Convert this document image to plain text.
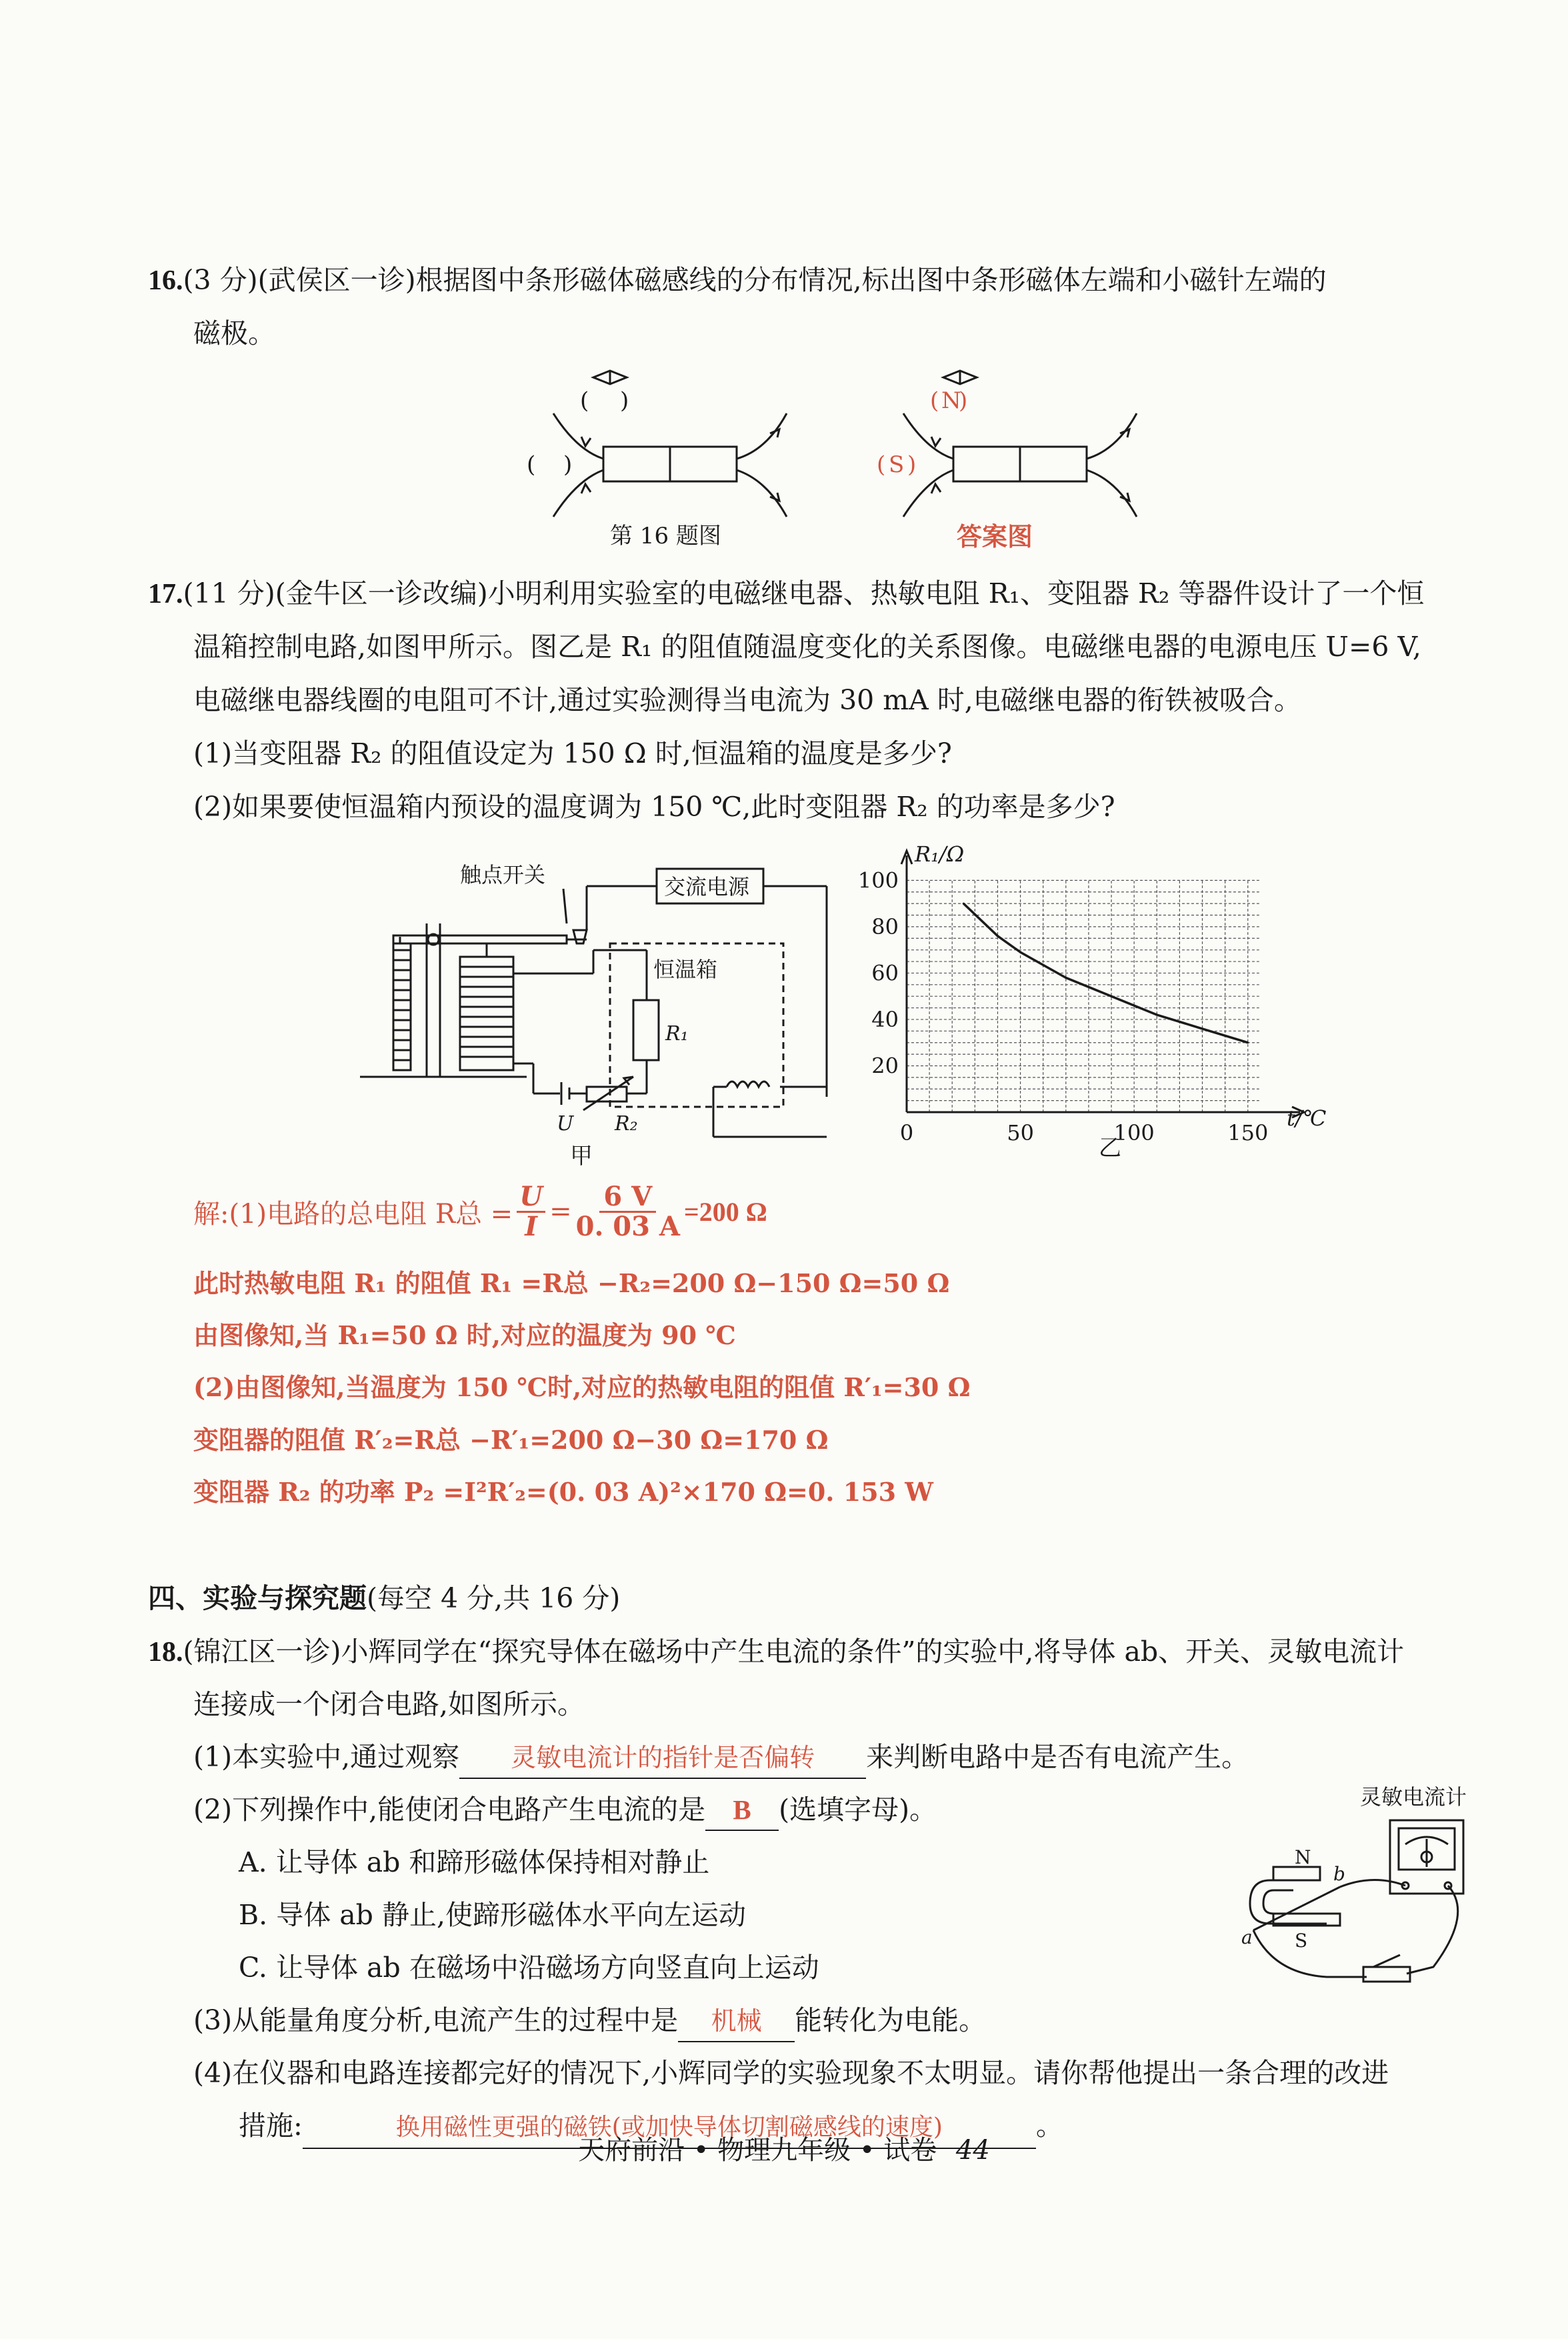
16.(3 分)(武侯区一诊)根据图中条形磁体磁感线的分布情况,标出图中条形磁体左端和小磁针左端的
磁极。
( )
( )
第 16 题图
( N
)
( S )
答案图
17.(11 分)(金牛区一诊改编)小明利用实验室的电磁继电器、热敏电阻 R₁、变阻器 R₂ 等器件设计了一个恒
温箱控制电路,如图甲所示。图乙是 R₁ 的阻值随温度变化的关系图像。电磁继电器的电源电压 U=6 V,
电磁继电器线圈的电阻可不计,通过实验测得当电流为 30 mA 时,电磁继电器的衔铁被吸合。
(1)当变阻器 R₂ 的阻值设定为 150 Ω 时,恒温箱的温度是多少?
(2)如果要使恒温箱内预设的温度调为 150 ℃,此时变阻器 R₂ 的功率是多少?
触点开关	交流电源
恒温箱
R₁
U R₂
甲
20
40
60
80
100
0	50	100	150
R₁/Ω
t/℃
乙
解:(1)电路的总电阻 R总 = $\frac{U}{I} = \frac{6 V}{0. 03 A} =200$ Ω
此时热敏电阻 R₁ 的阻值 R₁ =R总 −R₂=200 Ω−150 Ω=50 Ω
由图像知,当 R₁=50 Ω 时,对应的温度为 90 ℃
(2)由图像知,当温度为 150 ℃时,对应的热敏电阻的阻值 R′₁=30 Ω
变阻器的阻值 R′₂=R总 −R′₁=200 Ω−30 Ω=170 Ω
变阻器 R₂ 的功率 P₂ =I²R′₂=(0. 03 A)²×170 Ω=0. 153 W
四、实验与探究题(每空 4 分,共 16 分)
18.(锦江区一诊)小辉同学在“探究导体在磁场中产生电流的条件”的实验中,将导体 ab、开关、灵敏电流计
连接成一个闭合电路,如图所示。
(1)本实验中,通过观察 灵敏电流计的指针是否偏转 来判断电路中是否有电流产生。
(2)下列操作中,能使闭合电路产生电流的是 B (选填字母)。
A. 让导体 ab 和蹄形磁体保持相对静止
B. 导体 ab 静止,使蹄形磁体水平向左运动
C. 让导体 ab 在磁场中沿磁场方向竖直向上运动
(3)从能量角度分析,电流产生的过程中是 机械 能转化为电能。
(4)在仪器和电路连接都完好的情况下,小辉同学的实验现象不太明显。请你帮他提出一条合理的改进
措施:	换用磁性更强的磁铁(或加快导体切割磁感线的速度)	。
灵敏电流计
N
S
a
b
天府前沿 • 物理九年级 • 试卷 44
